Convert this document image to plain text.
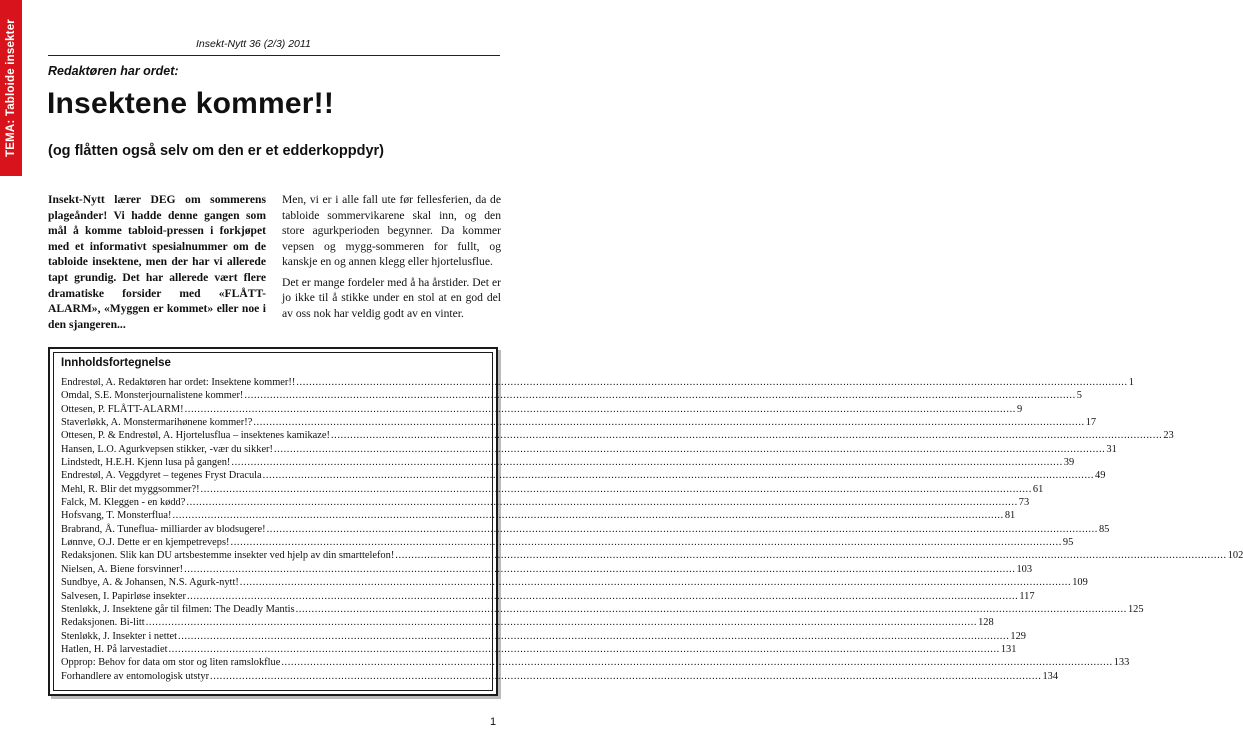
TEMA: Tabloide insekter	Insekt-Nytt 36 (2/3) 2011
Redaktøren har ordet:
Insektene kommer!!
(og flåtten også selv om den er et edderkoppdyr)

Insekt-Nytt lærer DEG om sommerens plageånder! Vi hadde denne gangen som mål å komme tabloid-pressen i forkjøpet med et informativt spesialnummer om de tabloide insektene, men der har vi allerede tapt grundig. Det har allerede vært flere dramatiske forsider med «FLÅTT-ALARM», «Myggen er kommet» eller noe i den sjangeren...

Men, vi er i alle fall ute før fellesferien, da de tabloide sommervikarene skal inn, og den store agurkperioden begynner. Da kommer vepsen og mygg-sommeren for fullt, og kanskje en og annen klegg eller hjortelusflue.

Det er mange fordeler med å ha årstider. Det er jo ikke til å stikke under en stol at en god del av oss nok har veldig godt av en vinter.

Innholdsfortegnelse
Endrestøl, A. Redaktøren har ordet: Insektene kommer!! .................................................................................................................................................................................................................................................................... 1
Omdal, S.E. Monsterjournalistene kommer! .................................................................................................................................................................................................................................................................... 5
Ottesen, P. FLÅTT-ALARM! .................................................................................................................................................................................................................................................................... 9
Staverløkk, A. Monstermarihønene kommer!? .................................................................................................................................................................................................................................................................... 17
Ottesen, P. & Endrestøl, A. Hjortelusflua – insektenes kamikaze! .................................................................................................................................................................................................................................................................... 23
Hansen, L.O. Agurkvepsen stikker, -vær du sikker! .................................................................................................................................................................................................................................................................... 31
Lindstedt, H.E.H. Kjenn lusa på gangen! .................................................................................................................................................................................................................................................................... 39
Endrestøl, A. Veggdyret – tegenes Fryst Dracula .................................................................................................................................................................................................................................................................... 49
Mehl, R. Blir det myggsommer?! .................................................................................................................................................................................................................................................................... 61
Falck, M. Kleggen - en kødd? .................................................................................................................................................................................................................................................................... 73
Hofsvang, T. Monsterflua! .................................................................................................................................................................................................................................................................... 81
Brabrand, Å. Tuneflua- milliarder av blodsugere! .................................................................................................................................................................................................................................................................... 85
Lønnve, O.J. Dette er en kjempetreveps! .................................................................................................................................................................................................................................................................... 95
Redaksjonen. Slik kan DU artsbestemme insekter ved hjelp av din smarttelefon! .................................................................................................................................................................................................................................................................... 102
Nielsen, A. Biene forsvinner! .................................................................................................................................................................................................................................................................... 103
Sundbye, A. & Johansen, N.S. Agurk-nytt! .................................................................................................................................................................................................................................................................... 109
Salvesen, I. Papirløse insekter .................................................................................................................................................................................................................................................................... 117
Stenløkk, J. Insektene går til filmen: The Deadly Mantis .................................................................................................................................................................................................................................................................... 125
Redaksjonen. Bi-litt .................................................................................................................................................................................................................................................................... 128
Stenløkk, J. Insekter i nettet .................................................................................................................................................................................................................................................................... 129
Hatlen, H. På larvestadiet .................................................................................................................................................................................................................................................................... 131
Opprop: Behov for data om stor og liten ramslokflue .................................................................................................................................................................................................................................................................... 133
Forhandlere av entomologisk utstyr .................................................................................................................................................................................................................................................................... 134
1
